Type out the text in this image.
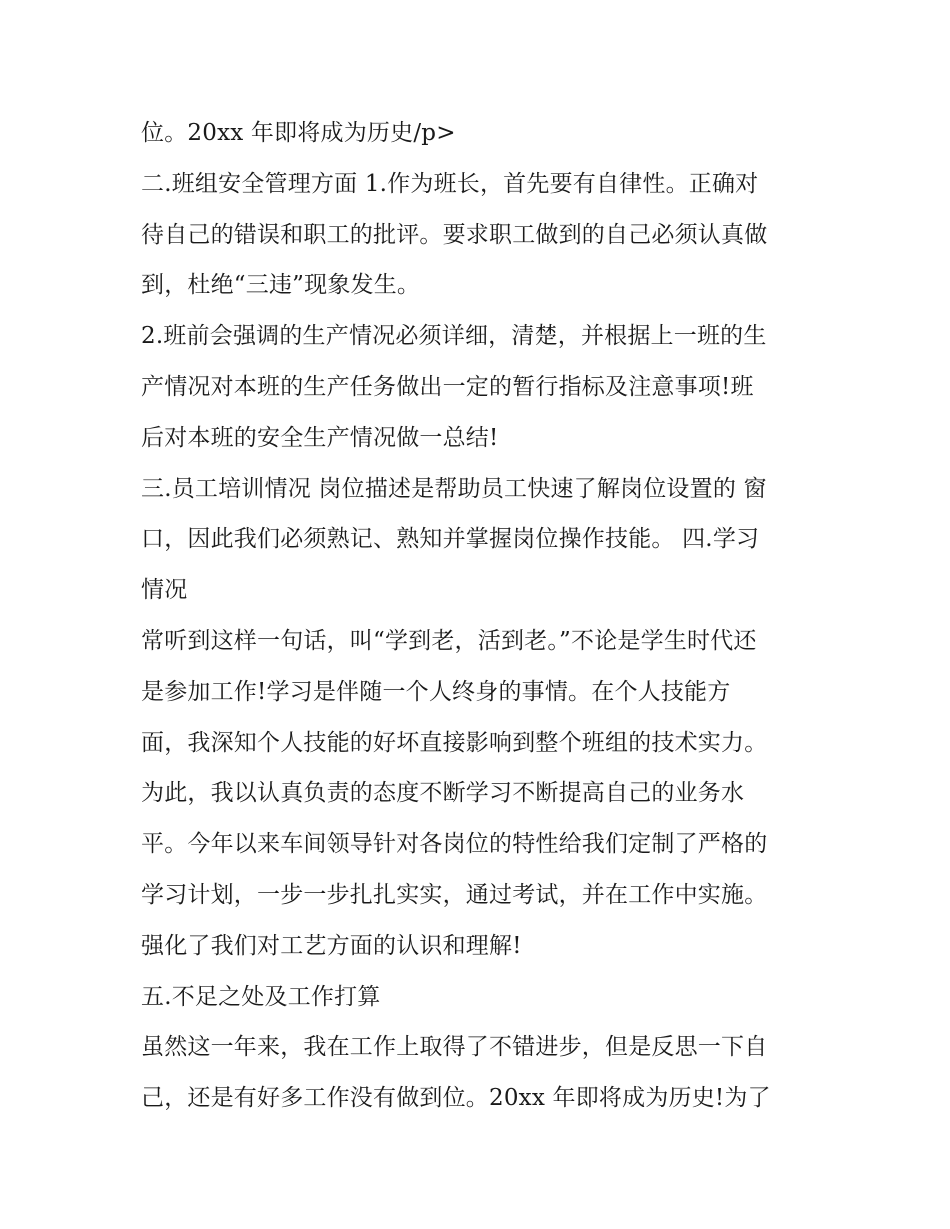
位。20xx 年即将成为历史/p>
二.班组安全管理方面 1.作为班长，首先要有自律性。正确对
待自己的错误和职工的批评。要求职工做到的自己必须认真做
到，杜绝“三违”现象发生。
2.班前会强调的生产情况必须详细，清楚，并根据上一班的生
产情况对本班的生产任务做出一定的暂行指标及注意事项!班
后对本班的安全生产情况做一总结!
三.员工培训情况 岗位描述是帮助员工快速了解岗位设置的 窗
口，因此我们必须熟记、熟知并掌握岗位操作技能。 四.学习
情况
常听到这样一句话，叫“学到老，活到老。”不论是学生时代还
是参加工作!学习是伴随一个人终身的事情。在个人技能方
面，我深知个人技能的好坏直接影响到整个班组的技术实力。
为此，我以认真负责的态度不断学习不断提高自己的业务水
平。今年以来车间领导针对各岗位的特性给我们定制了严格的
学习计划，一步一步扎扎实实，通过考试，并在工作中实施。
强化了我们对工艺方面的认识和理解!
五.不足之处及工作打算
虽然这一年来，我在工作上取得了不错进步，但是反思一下自
己，还是有好多工作没有做到位。20xx 年即将成为历史!为了
